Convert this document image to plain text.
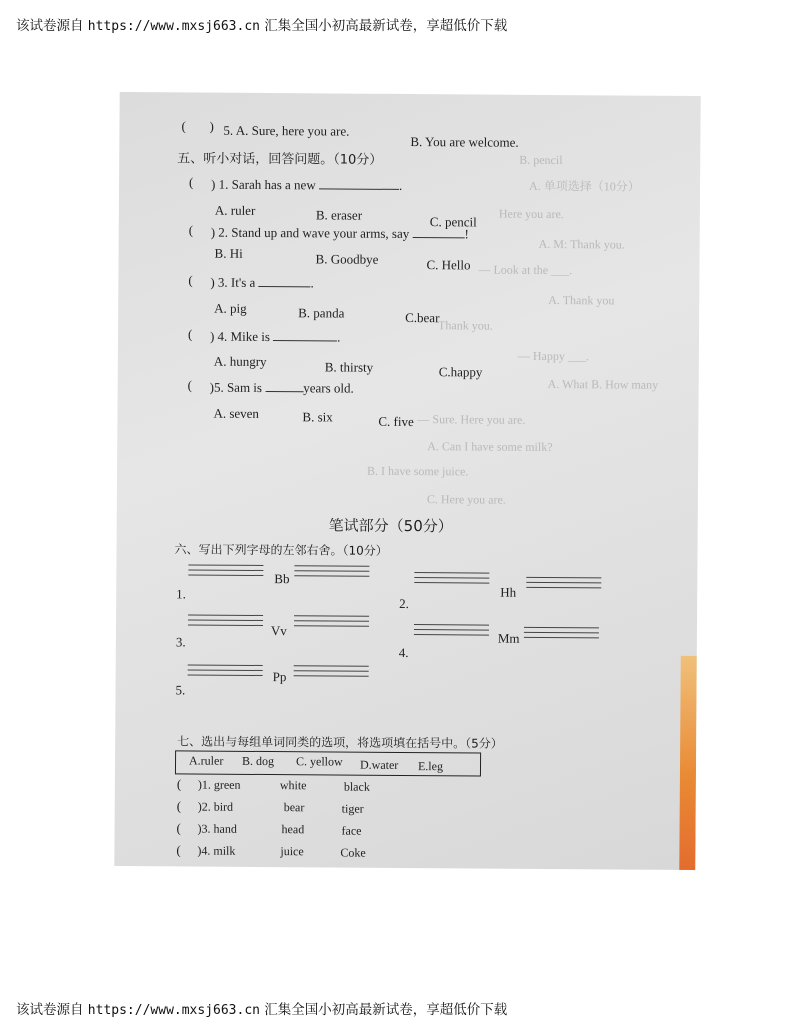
该试卷源自 https://www.mxsj663.cn 汇集全国小初高最新试卷，享超低价下载
B. pencil
A. 单项选择（10分）
Here you are.
A. M: Thank you.
— Look at the ___.
A. Thank you
Thank you.
— Happy ___.
A. What B. How many
— Sure. Here you are.
A. Can I have some milk?
B. I have some juice.
C. Here you are.
( ) 5. A. Sure, here you are.
B. You are welcome.
五、听小对话，回答问题。（10分）
( ) 1. Sarah has a new	.
A. ruler	B. eraser	C. pencil
( ) 2. Stand up and wave your arms, say	!
B. Hi	B. Goodbye	C. Hello
( ) 3. It's a	.
A. pig	B. panda	C.bear
( ) 4. Mike is	.
A. hungry	B. thirsty	C.happy
( )5. Sam is	years old.
A. seven	B. six	C. five
笔试部分（50分）
六、写出下列字母的左邻右舍。（10分）
1.
Bb
2.
Hh
3.
Vv
4.
Mm
5.
Pp
七、选出与每组单词同类的选项，将选项填在括号中。（5分）
A.ruler B. dog C. yellow D.water E.leg
( )1. green	white	black
( )2. bird	bear	tiger
( )3. hand	head	face
( )4. milk	juice	Coke
该试卷源自 https://www.mxsj663.cn 汇集全国小初高最新试卷，享超低价下载
